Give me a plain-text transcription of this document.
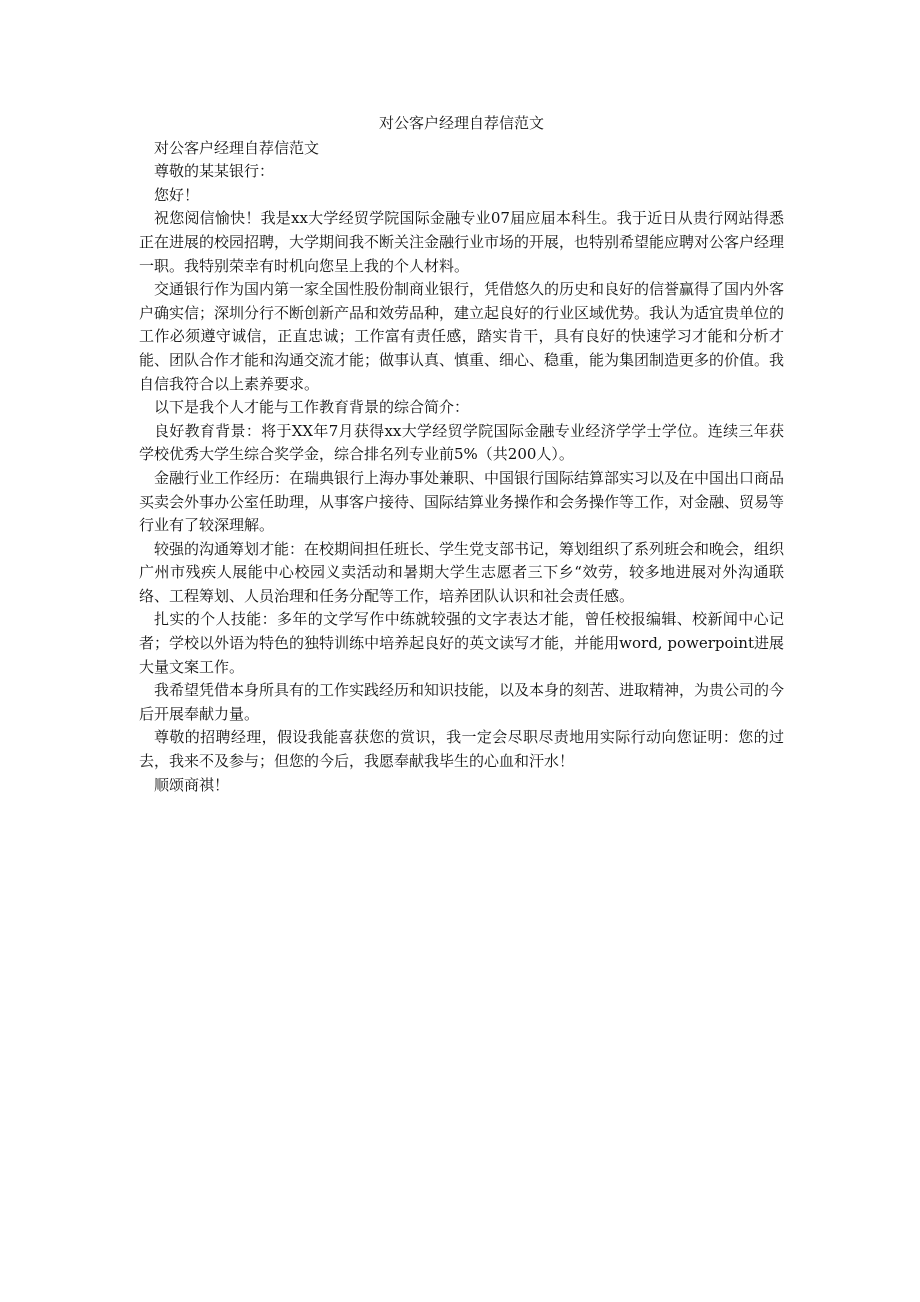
对公客户经理自荐信范文

对公客户经理自荐信范文

尊敬的某某银行：

您好！

祝您阅信愉快！我是xx大学经贸学院国际金融专业07届应届本科生。我于近日从贵行网站得悉正在进展的校园招聘，大学期间我不断关注金融行业市场的开展，也特别希望能应聘对公客户经理一职。我特别荣幸有时机向您呈上我的个人材料。

交通银行作为国内第一家全国性股份制商业银行，凭借悠久的历史和良好的信誉赢得了国内外客户确实信；深圳分行不断创新产品和效劳品种，建立起良好的行业区域优势。我认为适宜贵单位的工作必须遵守诚信，正直忠诚；工作富有责任感，踏实肯干，具有良好的快速学习才能和分析才能、团队合作才能和沟通交流才能；做事认真、慎重、细心、稳重，能为集团制造更多的价值。我自信我符合以上素养要求。

以下是我个人才能与工作教育背景的综合简介：

良好教育背景：将于XX年7月获得xx大学经贸学院国际金融专业经济学学士学位。连续三年获学校优秀大学生综合奖学金，综合排名列专业前5%（共200人）。

金融行业工作经历：在瑞典银行上海办事处兼职、中国银行国际结算部实习以及在中国出口商品买卖会外事办公室任助理，从事客户接待、国际结算业务操作和会务操作等工作，对金融、贸易等行业有了较深理解。

较强的沟通筹划才能：在校期间担任班长、学生党支部书记，筹划组织了系列班会和晚会，组织广州市残疾人展能中心校园义卖活动和暑期大学生志愿者三下乡“效劳，较多地进展对外沟通联络、工程筹划、人员治理和任务分配等工作，培养团队认识和社会责任感。

扎实的个人技能：多年的文学写作中练就较强的文字表达才能，曾任校报编辑、校新闻中心记者；学校以外语为特色的独特训练中培养起良好的英文读写才能，并能用word, powerpoint进展大量文案工作。

我希望凭借本身所具有的工作实践经历和知识技能，以及本身的刻苦、进取精神，为贵公司的今后开展奉献力量。

尊敬的招聘经理，假设我能喜获您的赏识，我一定会尽职尽责地用实际行动向您证明：您的过去，我来不及参与；但您的今后，我愿奉献我毕生的心血和汗水！

顺颂商祺！
